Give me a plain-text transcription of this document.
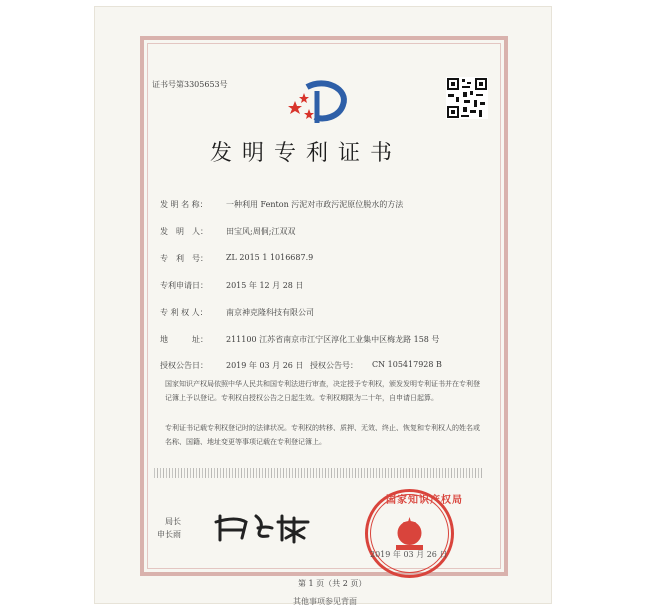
证书号第3305653号
发明专利证书
发 明 名 称： 一种利用 Fenton 污泥对市政污泥原位脱水的方法
发　明　人： 田宝风;周侗;江双双
专　利　号： ZL 2015 1 1016687.9
专利申请日： 2015 年 12 月 28 日
专 利 权 人： 南京神克隆科技有限公司
地　　　址： 211100 江苏省南京市江宁区淳化工业集中区梅龙路 158 号
授权公告日： 2019 年 03 月 26 日 授权公告号： CN 105417928 B
国家知识产权局依照中华人民共和国专利法进行审查，决定授予专利权，颁发发明专利证书并在专利登记簿上予以登记。专利权自授权公告之日起生效。专利权期限为二十年，自申请日起算。
专利证书记载专利权登记时的法律状况。专利权的转移、质押、无效、终止、恢复和专利权人的姓名或名称、国籍、地址变更等事项记载在专利登记簿上。
局长
申长雨
国家知识产权局
2019 年 03 月 26 日
第 1 页（共 2 页）
其他事项参见背面
